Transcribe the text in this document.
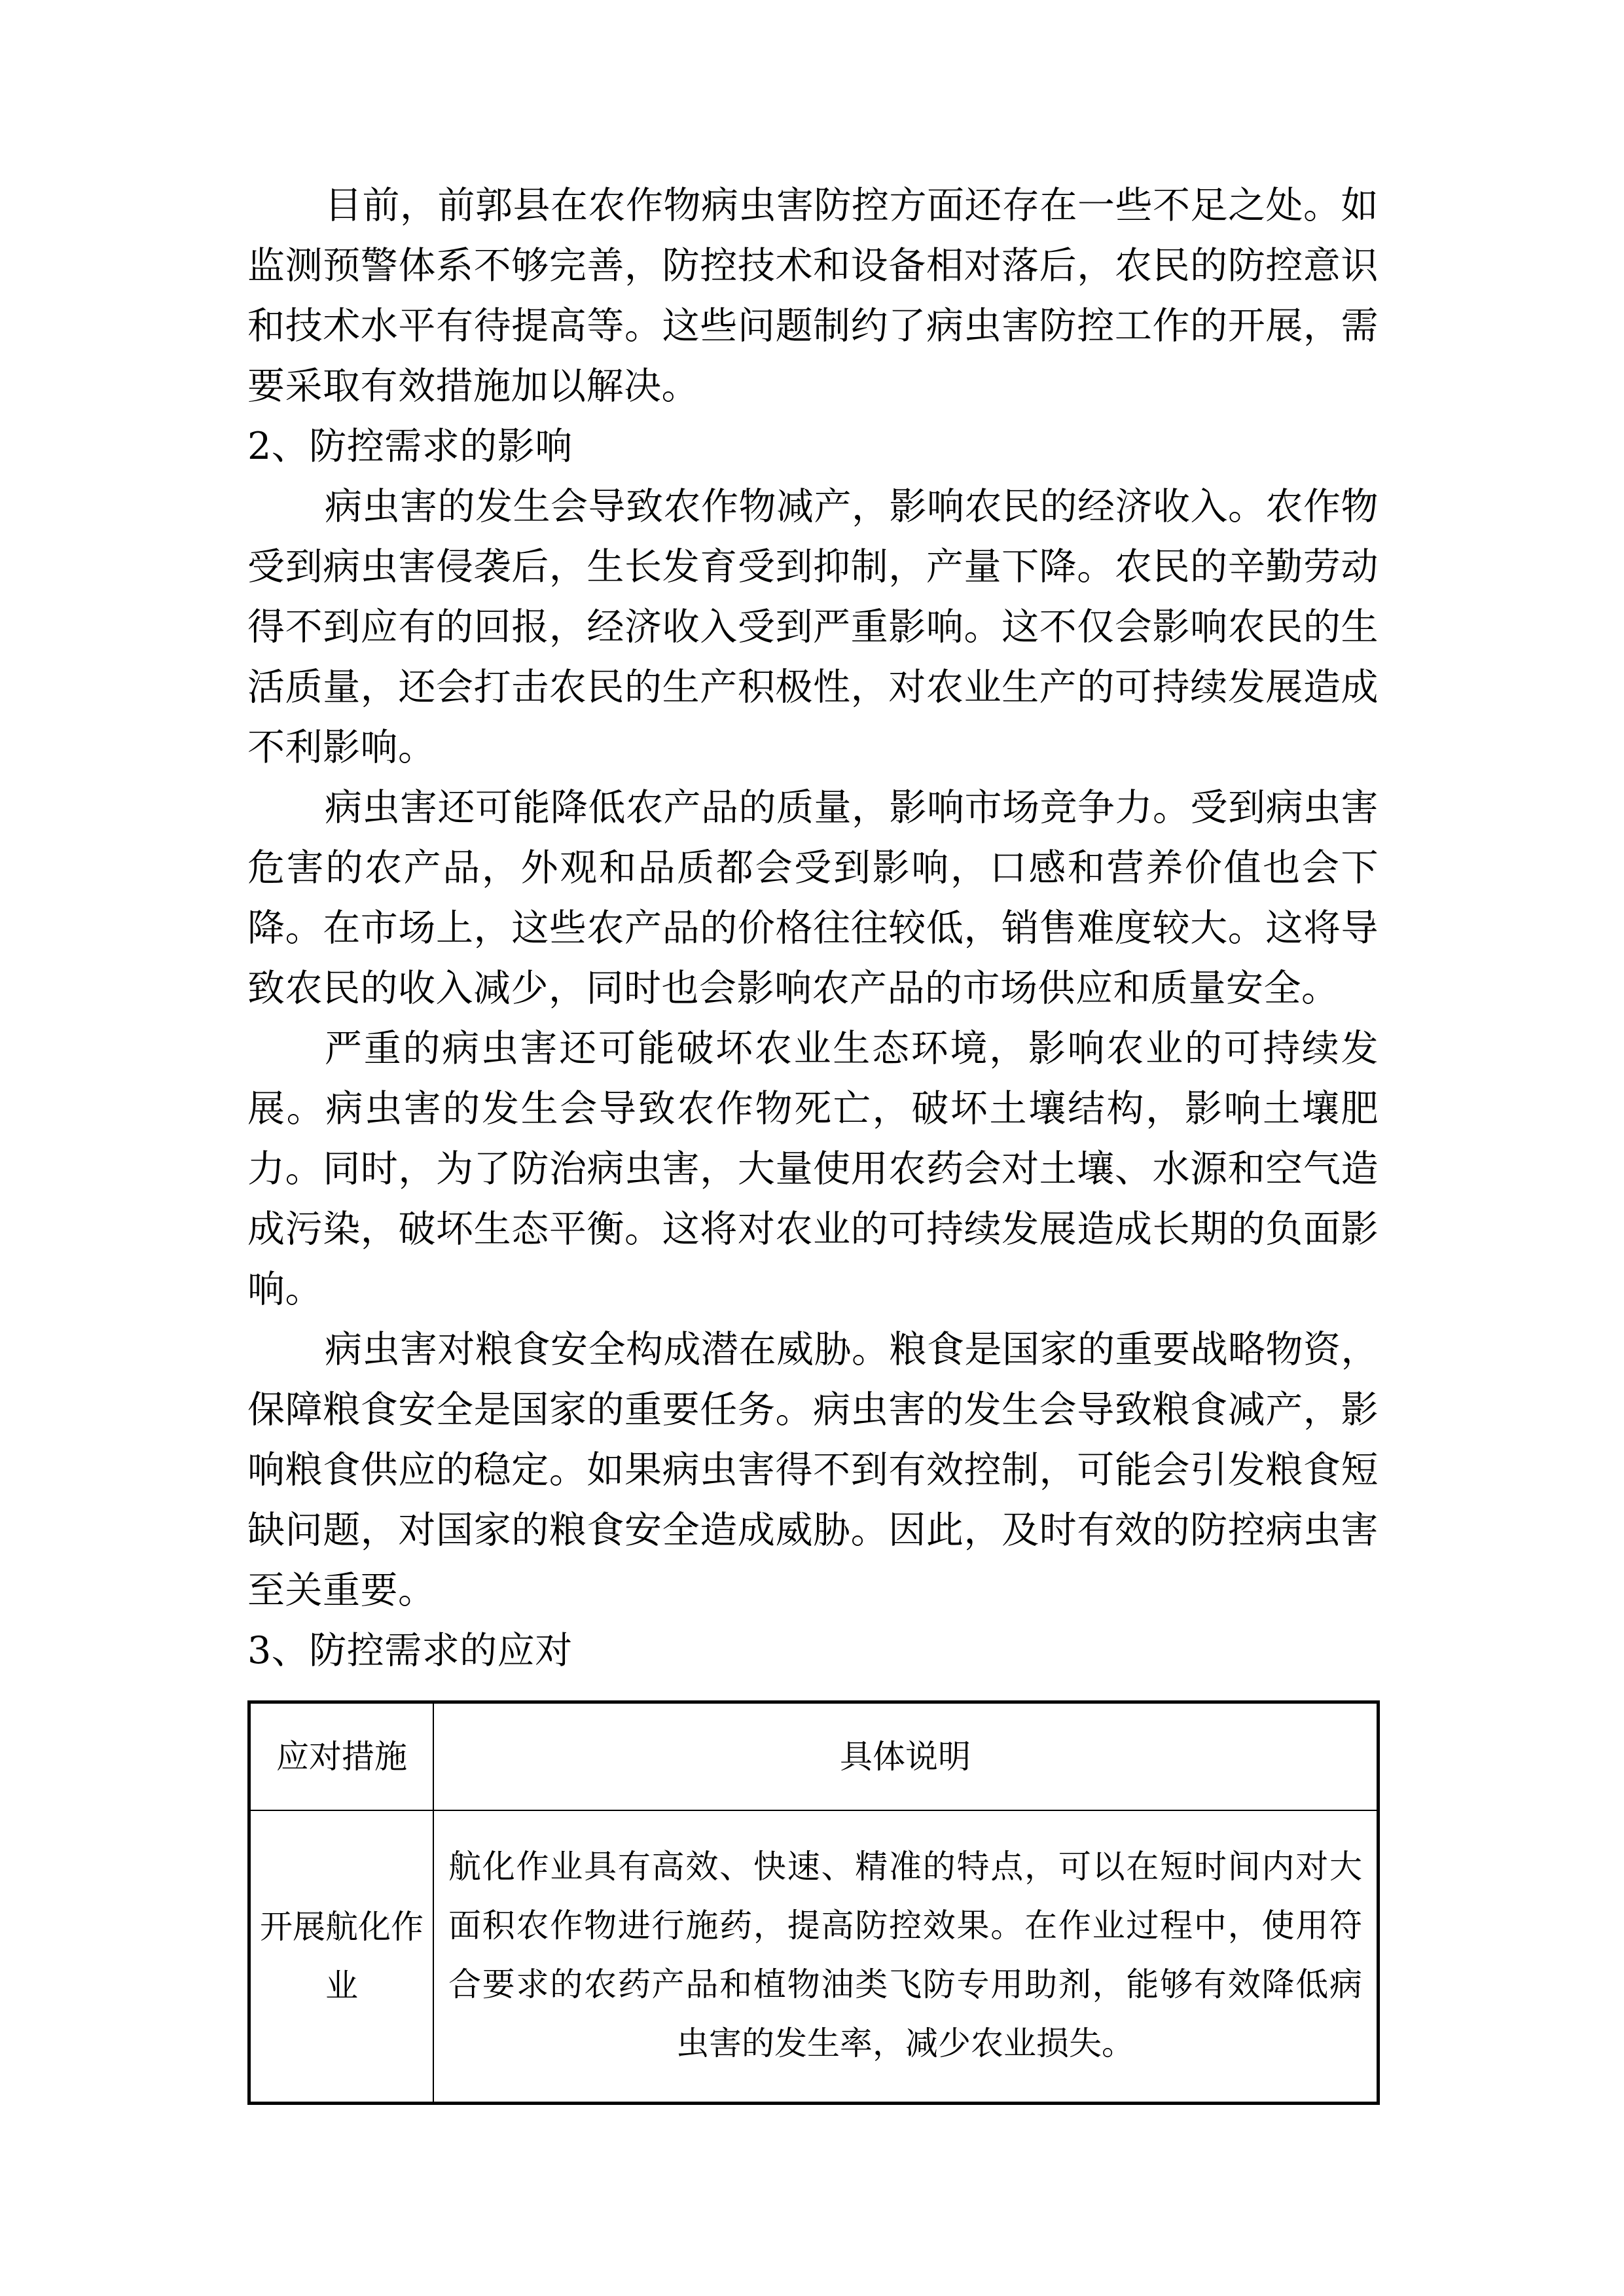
目前，前郭县在农作物病虫害防控方面还存在一些不足之处。如监测预警体系不够完善，防控技术和设备相对落后，农民的防控意识和技术水平有待提高等。这些问题制约了病虫害防控工作的开展，需要采取有效措施加以解决。

2、防控需求的影响

病虫害的发生会导致农作物减产，影响农民的经济收入。农作物受到病虫害侵袭后，生长发育受到抑制，产量下降。农民的辛勤劳动得不到应有的回报，经济收入受到严重影响。这不仅会影响农民的生活质量，还会打击农民的生产积极性，对农业生产的可持续发展造成不利影响。

病虫害还可能降低农产品的质量，影响市场竞争力。受到病虫害危害的农产品，外观和品质都会受到影响，口感和营养价值也会下降。在市场上，这些农产品的价格往往较低，销售难度较大。这将导致农民的收入减少，同时也会影响农产品的市场供应和质量安全。

严重的病虫害还可能破坏农业生态环境，影响农业的可持续发展。病虫害的发生会导致农作物死亡，破坏土壤结构，影响土壤肥力。同时，为了防治病虫害，大量使用农药会对土壤、水源和空气造成污染，破坏生态平衡。这将对农业的可持续发展造成长期的负面影响。

病虫害对粮食安全构成潜在威胁。粮食是国家的重要战略物资，保障粮食安全是国家的重要任务。病虫害的发生会导致粮食减产，影响粮食供应的稳定。如果病虫害得不到有效控制，可能会引发粮食短缺问题，对国家的粮食安全造成威胁。因此，及时有效的防控病虫害至关重要。

3、防控需求的应对

应对措施	具体说明
开展航化作业	航化作业具有高效、快速、精准的特点，可以在短时间内对大面积农作物进行施药，提高防控效果。在作业过程中，使用符合要求的农药产品和植物油类飞防专用助剂，能够有效降低病虫害的发生率，减少农业损失。
